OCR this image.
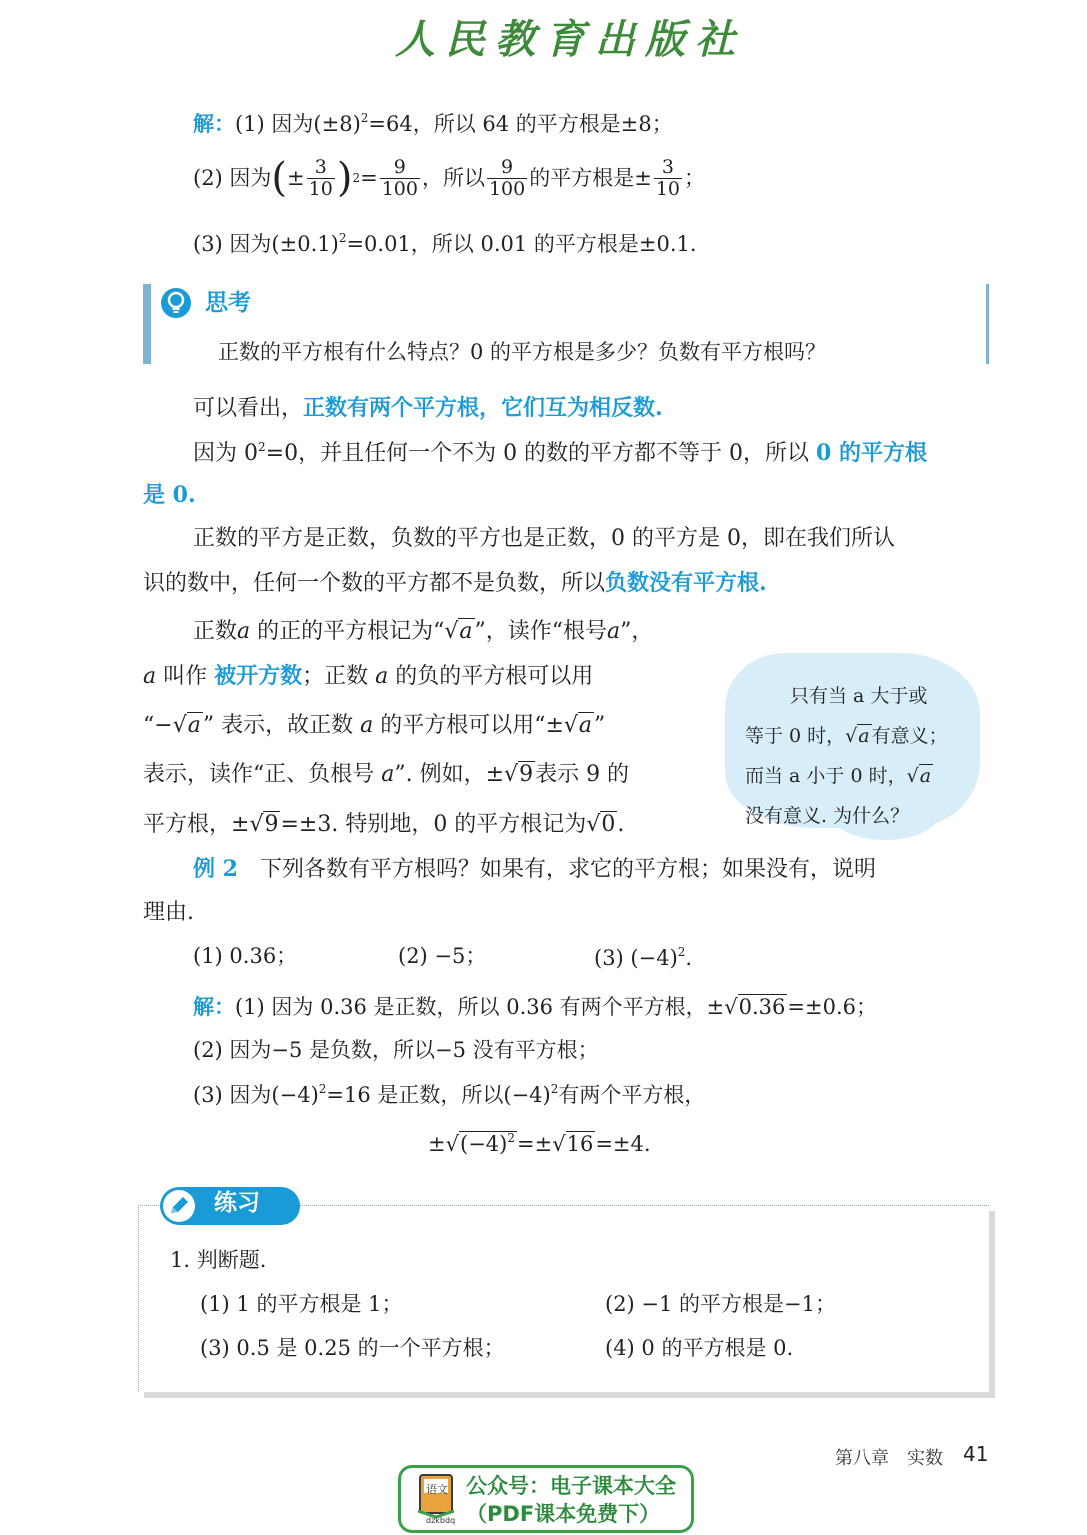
人民教育出版社
解：(1) 因为$(\pm 8)^2=64$，所以 64 的平方根是±8；
(2) 因为 ( ± $\frac{3}{10}$ ) $2 = \frac{9}{100}$ ，所以 $\frac{9}{100}$ 的平方根是± $\frac{3}{10}$ ；
(3) 因为$(\pm 0.1)^2=0.01$，所以 0.01 的平方根是±0.1.
思考
正数的平方根有什么特点？0 的平方根是多少？负数有平方根吗？
可以看出，正数有两个平方根，它们互为相反数.
因为 $0^2=0$，并且任何一个不为 0 的数的平方都不等于 0，所以 0 的平方根
是 0.
正数的平方是正数，负数的平方也是正数，0 的平方是 0，即在我们所认
识的数中，任何一个数的平方都不是负数，所以负数没有平方根.
正数a 的正的平方根记为“√a”，读作“根号a”，
a 叫作 被开方数；正数 a 的负的平方根可以用
“−√a” 表示，故正数 a 的平方根可以用“±√a”
表示，读作“正、负根号 a”. 例如，±√9表示 9 的
平方根，±√9=±3. 特别地，0 的平方根记为√0.
只有当 a 大于或
等于 0 时，√a 有意义；
而当 a 小于 0 时，√a
没有意义. 为什么？
例 2　 下列各数有平方根吗？如果有，求它的平方根；如果没有，说明
理由.
(1) 0.36；	(2) −5；	(3) $(-4)^2$.
解：(1) 因为 0.36 是正数，所以 0.36 有两个平方根，±√0.36=±0.6；
(2) 因为−5 是负数，所以−5 没有平方根；
(3) 因为$(-4)^2=16$ 是正数，所以$(-4)^2$有两个平方根，
$\pm√(-4)^2=\pm√16=\pm 4$.
练习
1. 判断题.
(1) 1 的平方根是 1；	(2) −1 的平方根是−1；
(3) 0.5 是 0.25 的一个平方根；	(4) 0 的平方根是 0.
第八章　实数 41
语文
dzkbdq
公众号：电子课本大全
（PDF课本免费下）
